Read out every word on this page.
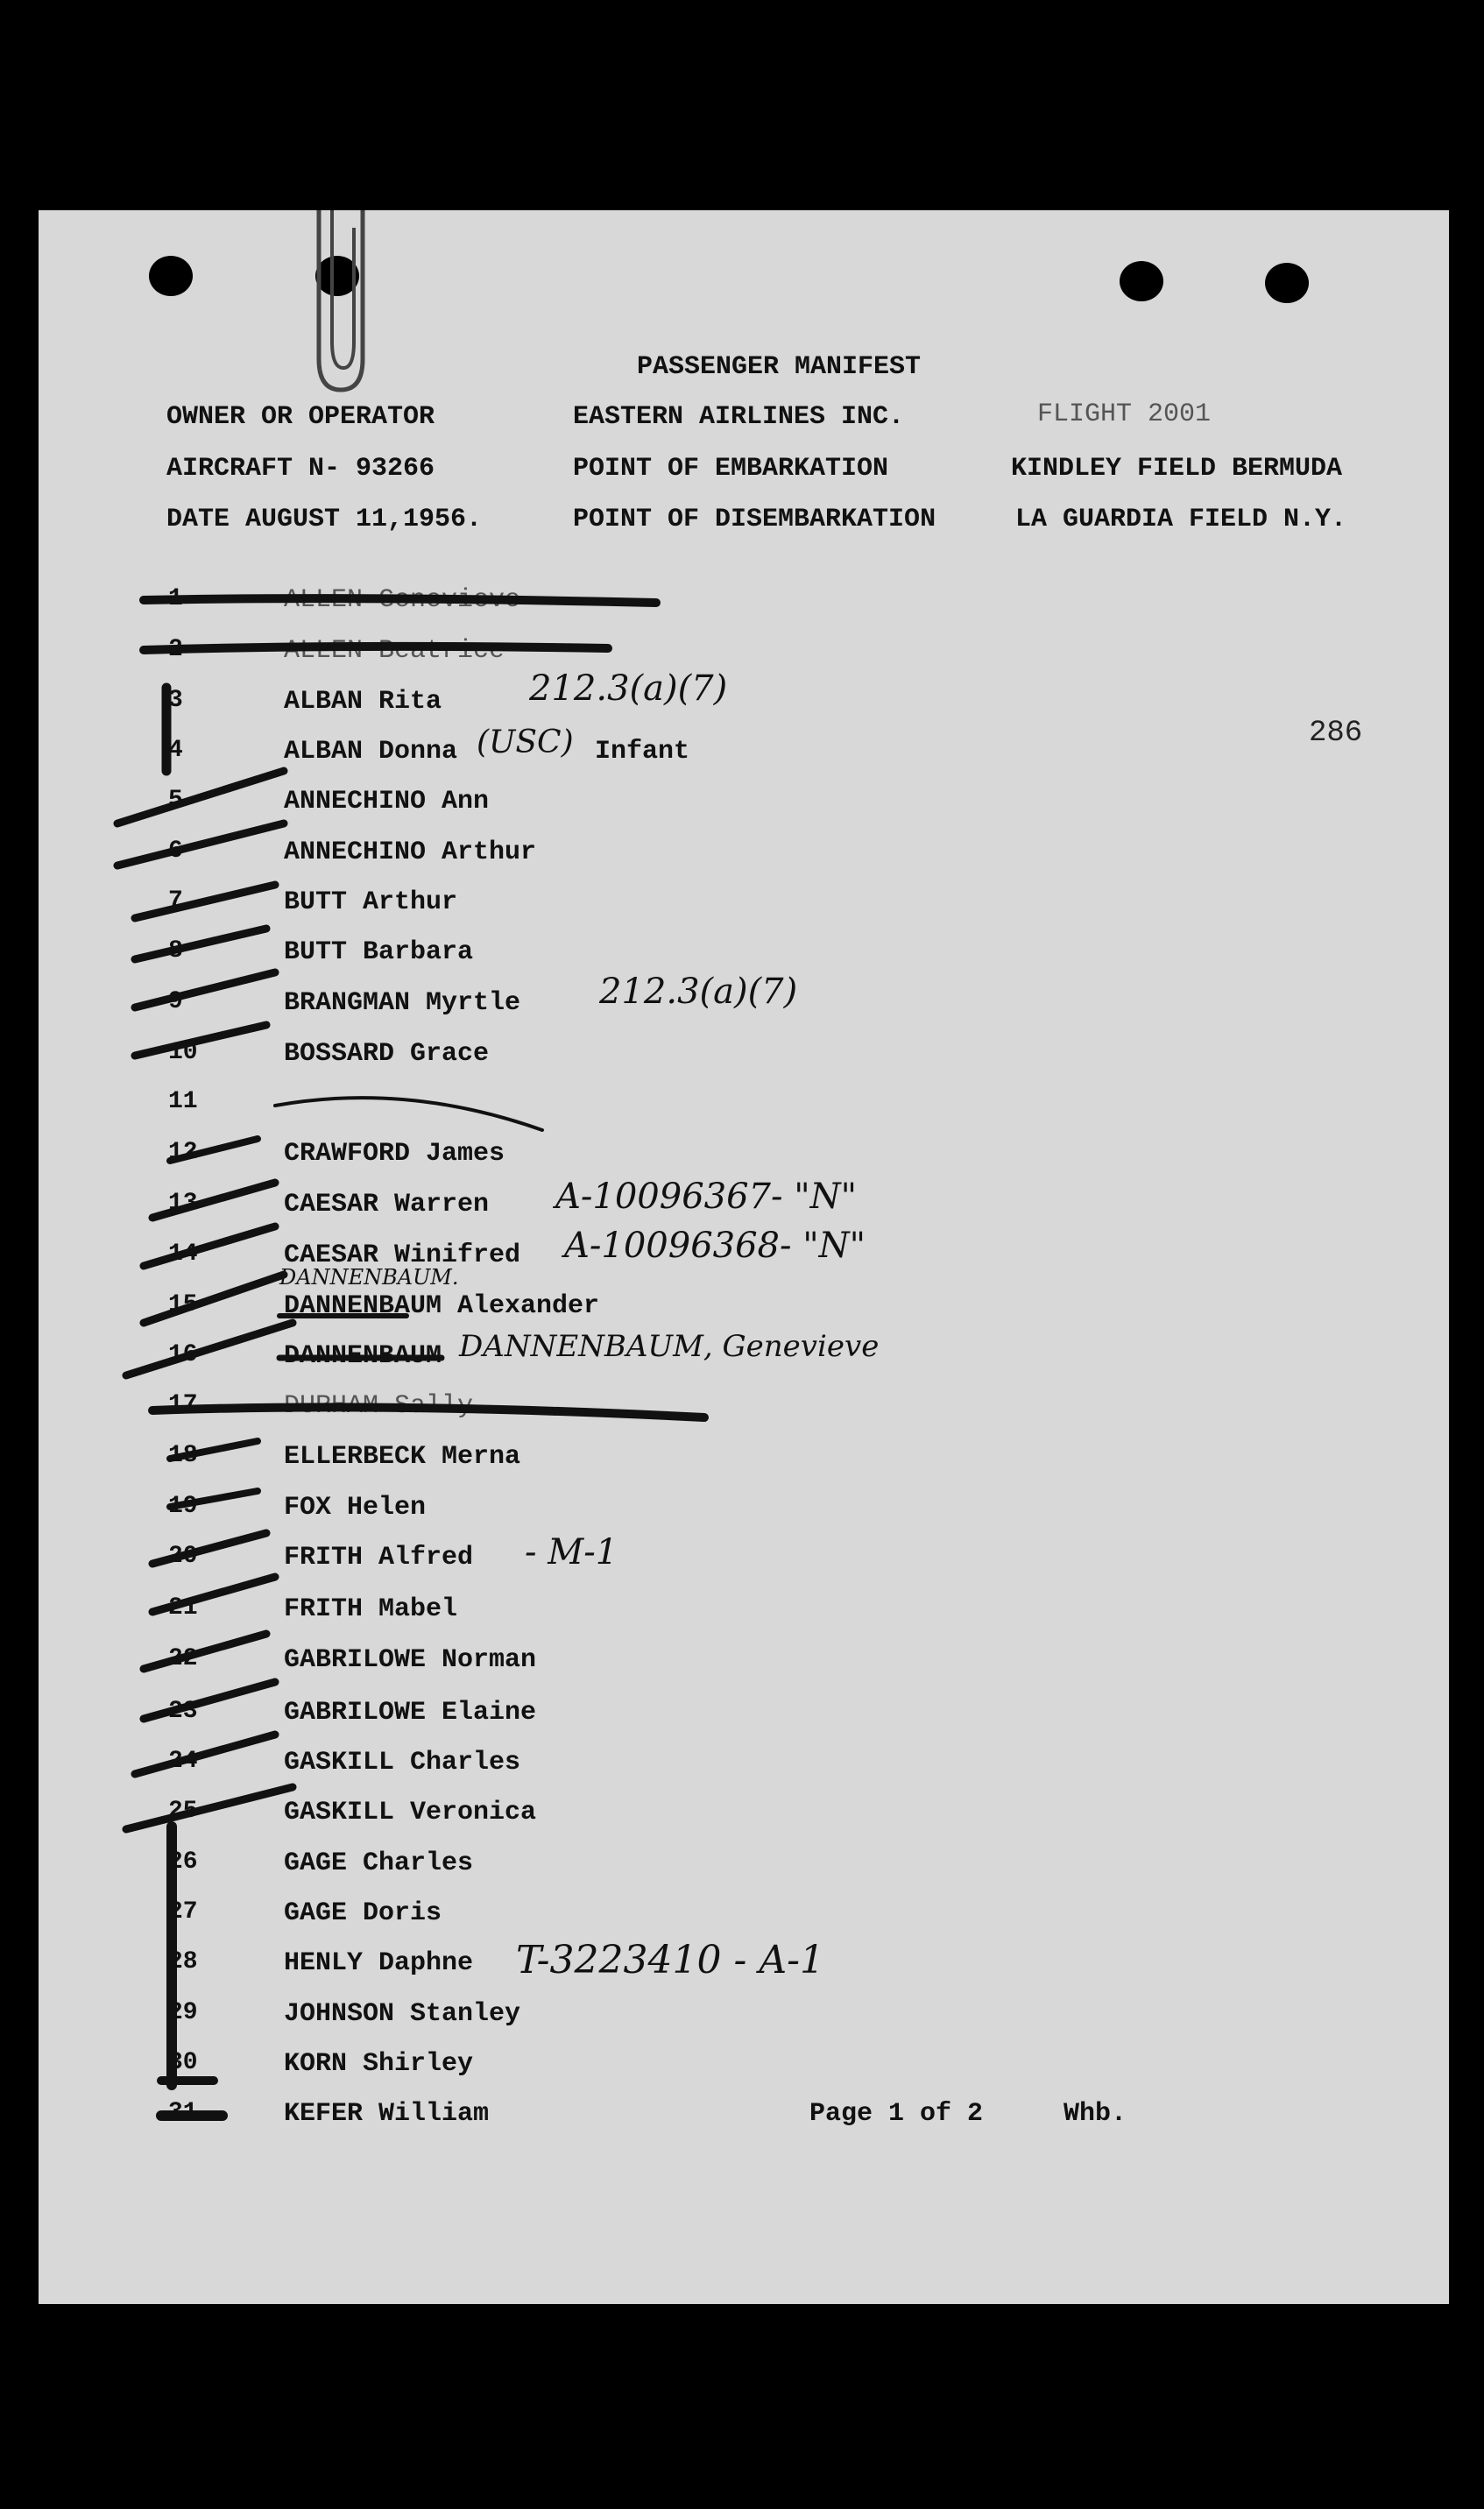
PASSENGER MANIFEST
OWNER OR OPERATOR	EASTERN AIRLINES INC.	FLIGHT 2001
AIRCRAFT N- 93266	POINT OF EMBARKATION	KINDLEY FIELD BERMUDA
DATE AUGUST 11,1956.	POINT OF DISEMBARKATION	LA GUARDIA FIELD N.Y.
286
1	ALLEN Genevieve
2	ALLEN Beatrice
3	ALBAN Rita
4	ALBAN Donna
5	ANNECHINO Ann
6	ANNECHINO Arthur
7	BUTT Arthur
8	BUTT Barbara
9	BRANGMAN Myrtle
10	BOSSARD Grace
11
12	CRAWFORD James
13	CAESAR Warren
14	CAESAR Winifred
15	DANNENBAUM Alexander
16	DANNENBAUM
17	DURHAM Sally
18	ELLERBECK Merna
19	FOX Helen
20	FRITH Alfred
21	FRITH Mabel
22	GABRILOWE Norman
23	GABRILOWE Elaine
24	GASKILL Charles
25	GASKILL Veronica
26	GAGE Charles
27	GAGE Doris
28	HENLY Daphne
29	JOHNSON Stanley
30	KORN Shirley
31	KEFER William
212.3(a)(7)
(USC) Infant
212.3(a)(7)
A-10096367- "N"
A-10096368- "N"
DANNENBAUM.
DANNENBAUM, Genevieve
- M-1
T-3223410 - A-1
Page 1 of 2	Whb.
